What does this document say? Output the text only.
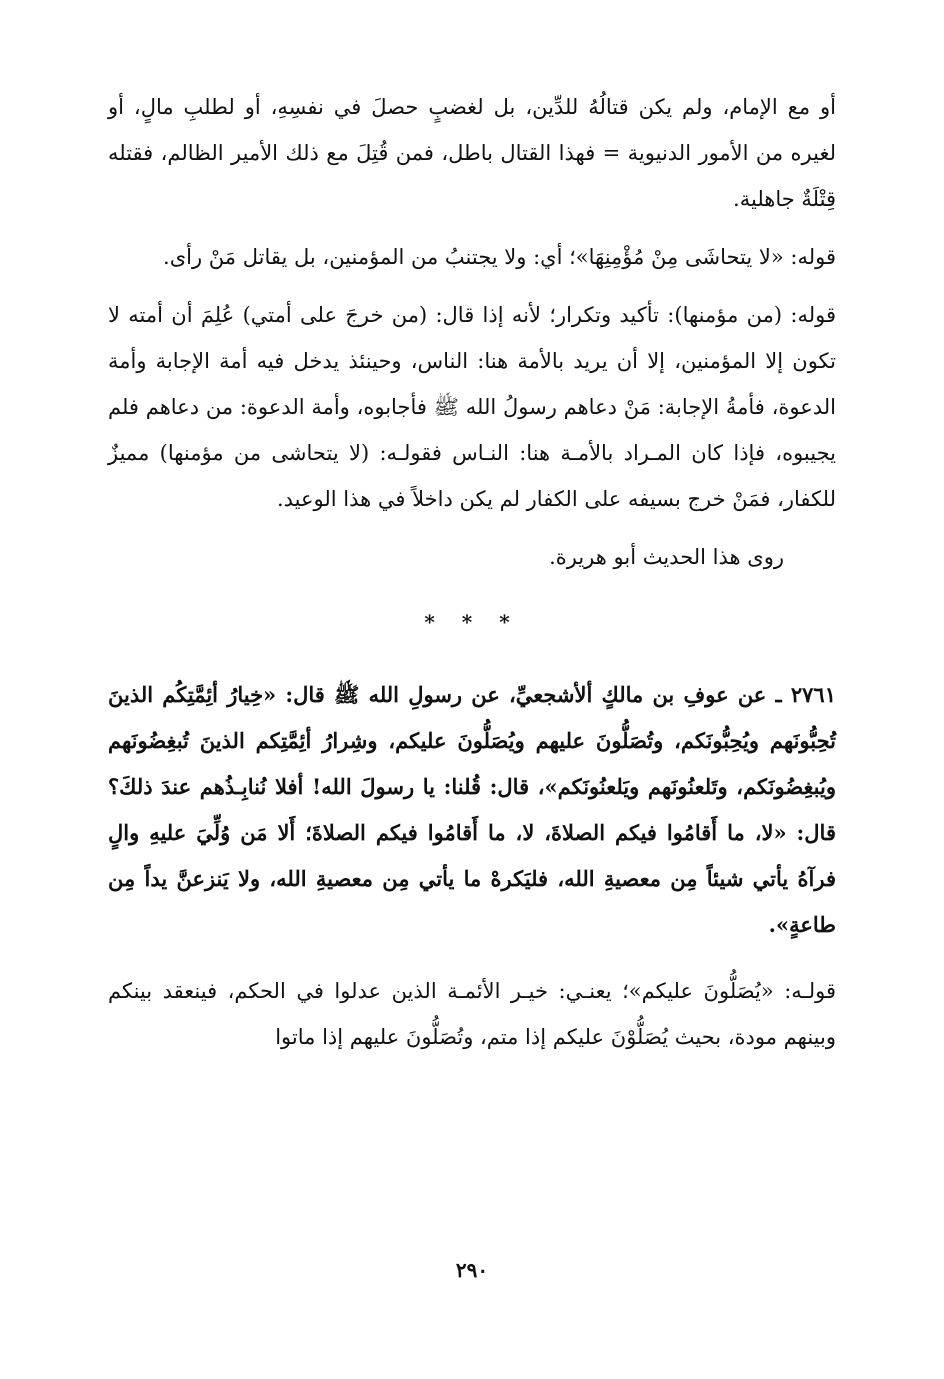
أو مع الإمام، ولم يكن قتالُهُ للدِّين، بل لغضبٍ حصلَ في نفسِهِ، أو لطلبِ مالٍ، أو لغيره من الأمور الدنيوية = فهذا القتال باطل، فمن قُتِلَ مع ذلك الأمير الظالم، فقتله قِتْلَةٌ جاهلية.

قوله: «لا يتحاشَى مِنْ مُؤْمِنِهَا»؛ أي: ولا يجتنبُ من المؤمنين، بل يقاتل مَنْ رأى.

قوله: (من مؤمنها): تأكيد وتكرار؛ لأنه إذا قال: (من خرجَ على أمتي) عُلِمَ أن أمته لا تكون إلا المؤمنين، إلا أن يريد بالأمة هنا: الناس، وحينئذ يدخل فيه أمة الإجابة وأمة الدعوة، فأمةُ الإجابة: مَنْ دعاهم رسولُ الله ﷺ فأجابوه، وأمة الدعوة: من دعاهم فلم يجيبوه، فإذا كان المـراد بالأمـة هنا: النـاس فقولـه: (لا يتحاشى من مؤمنها) مميزٌ للكفار، فمَنْ خرج بسيفه على الكفار لم يكن داخلاً في هذا الوعيد.

روى هذا الحديث أبو هريرة.

* * *

٢٧٦١ ـ عن عوفِ بن مالكٍ ألأشجعيِّ، عن رسولِ الله ﷺ قال: «خِيارُ أئِمَّتِكُم الذينَ تُحِبُّونَهم ويُحِبُّونَكم، وتُصَلُّونَ عليهم ويُصَلُّونَ عليكم، وشِرارُ أئِمَّتِكم الذينَ تُبغِضُونَهم ويُبغِضُونَكم، وتَلعنُونَهم ويَلعنُونَكم»، قال: قُلنا: يا رسولَ الله! أفلا نُنابِـذُهم عندَ ذلكَ؟ قال: «لا، ما أَقامُوا فيكم الصلاةَ، لا، ما أَقامُوا فيكم الصلاةَ؛ أَلا مَن وُلِّيَ عليهِ والٍ فرآهُ يأتي شيئاً مِن معصيةِ الله، فليَكرهْ ما يأتي مِن معصيةِ الله، ولا يَنزعنَّ يداً مِن طاعةٍ».

قولـه: «يُصَلُّونَ عليكم»؛ يعنـي: خيـر الأئمـة الذين عدلوا في الحكم، فينعقد بينكم وبينهم مودة، بحيث يُصَلُّوْنَ عليكم إذا متم، وتُصَلُّونَ عليهم إذا ماتوا

٢٩٠
